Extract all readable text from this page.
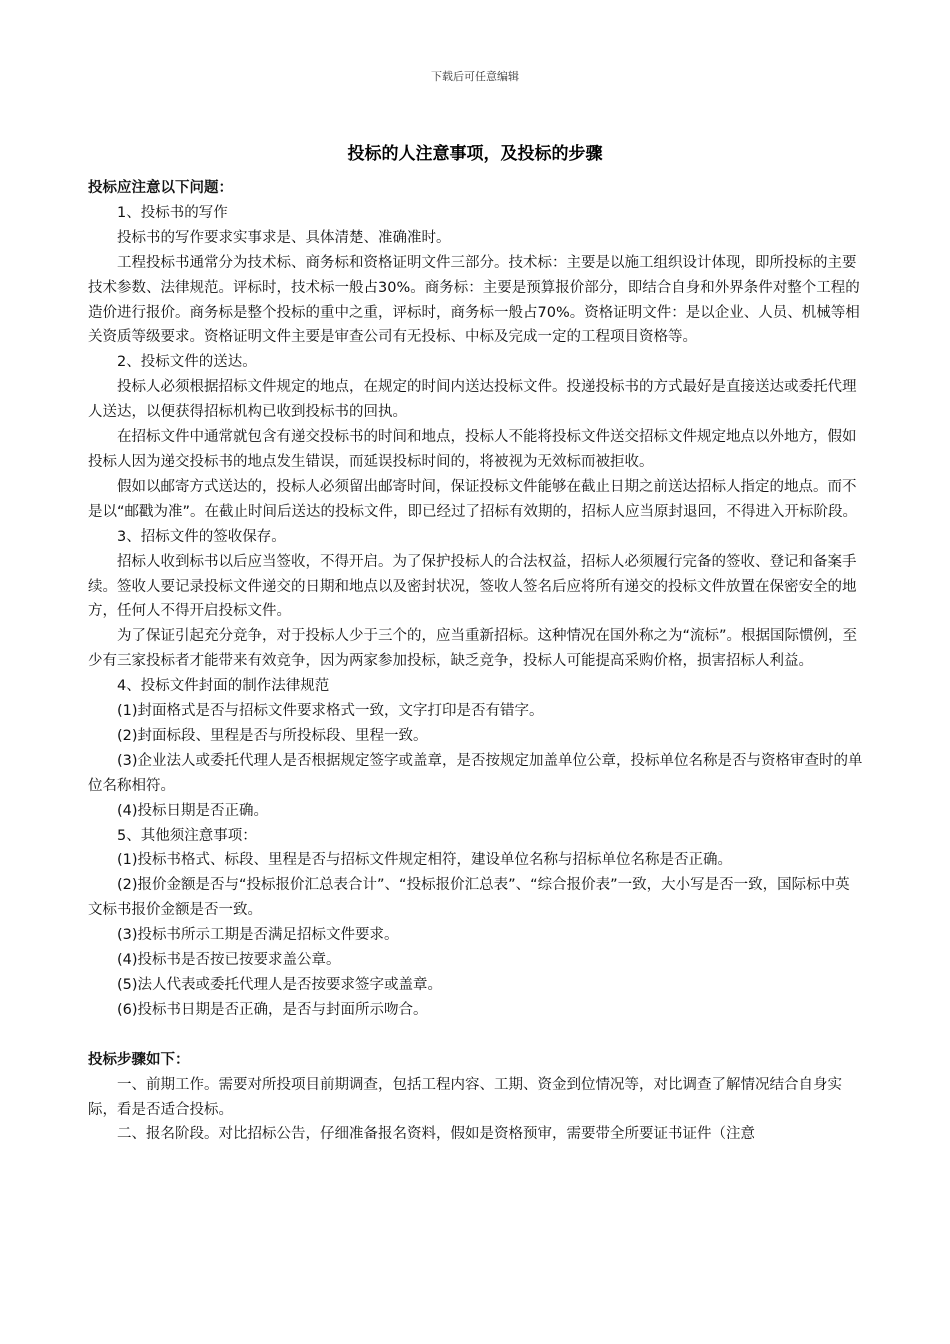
下载后可任意编辑
投标的人注意事项，及投标的步骤

投标应注意以下问题：

1、投标书的写作

投标书的写作要求实事求是、具体清楚、准确准时。

工程投标书通常分为技术标、商务标和资格证明文件三部分。技术标：主要是以施工组织设计体现，即所投标的主要技术参数、法律规范。评标时，技术标一般占30%。商务标：主要是预算报价部分，即结合自身和外界条件对整个工程的造价进行报价。商务标是整个投标的重中之重，评标时，商务标一般占70%。资格证明文件：是以企业、人员、机械等相关资质等级要求。资格证明文件主要是审查公司有无投标、中标及完成一定的工程项目资格等。

2、投标文件的送达。

投标人必须根据招标文件规定的地点，在规定的时间内送达投标文件。投递投标书的方式最好是直接送达或委托代理人送达，以便获得招标机构已收到投标书的回执。

在招标文件中通常就包含有递交投标书的时间和地点，投标人不能将投标文件送交招标文件规定地点以外地方，假如投标人因为递交投标书的地点发生错误，而延误投标时间的，将被视为无效标而被拒收。

假如以邮寄方式送达的，投标人必须留出邮寄时间，保证投标文件能够在截止日期之前送达招标人指定的地点。而不是以“邮戳为准”。在截止时间后送达的投标文件，即已经过了招标有效期的，招标人应当原封退回，不得进入开标阶段。

3、招标文件的签收保存。

招标人收到标书以后应当签收，不得开启。为了保护投标人的合法权益，招标人必须履行完备的签收、登记和备案手续。签收人要记录投标文件递交的日期和地点以及密封状况，签收人签名后应将所有递交的投标文件放置在保密安全的地方，任何人不得开启投标文件。

为了保证引起充分竞争，对于投标人少于三个的，应当重新招标。这种情况在国外称之为“流标”。根据国际惯例，至少有三家投标者才能带来有效竞争，因为两家参加投标，缺乏竞争，投标人可能提高采购价格，损害招标人利益。

4、投标文件封面的制作法律规范

(1)封面格式是否与招标文件要求格式一致，文字打印是否有错字。

(2)封面标段、里程是否与所投标段、里程一致。

(3)企业法人或委托代理人是否根据规定签字或盖章，是否按规定加盖单位公章，投标单位名称是否与资格审查时的单位名称相符。

(4)投标日期是否正确。

5、其他须注意事项：

(1)投标书格式、标段、里程是否与招标文件规定相符，建设单位名称与招标单位名称是否正确。

(2)报价金额是否与“投标报价汇总表合计”、“投标报价汇总表”、“综合报价表”一致，大小写是否一致，国际标中英文标书报价金额是否一致。

(3)投标书所示工期是否满足招标文件要求。

(4)投标书是否按已按要求盖公章。

(5)法人代表或委托代理人是否按要求签字或盖章。

(6)投标书日期是否正确，是否与封面所示吻合。

投标步骤如下：

一、前期工作。需要对所投项目前期调查，包括工程内容、工期、资金到位情况等，对比调查了解情况结合自身实际，看是否适合投标。

二、报名阶段。对比招标公告，仔细准备报名资料，假如是资格预审，需要带全所要证书证件（注意
